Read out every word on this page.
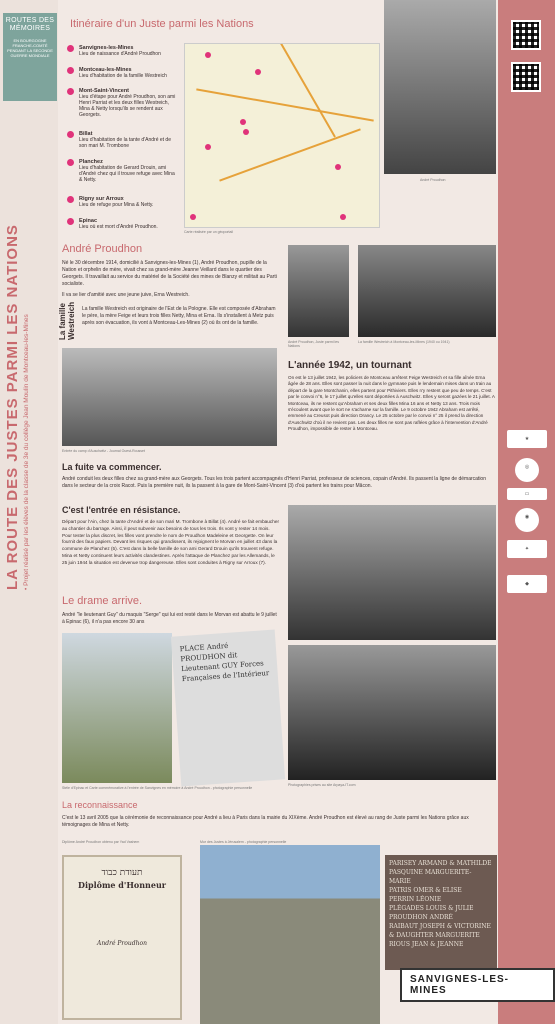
ROUTES DES MÉMOIRES
EN BOURGOGNE FRANCHE-COMTÉ PENDANT LA SECONDE GUERRE MONDIALE
LA ROUTE DES JUSTES PARMI LES NATIONS • Projet réalisé par les élèves de la classe de 3e du collège Jean Moulin de Montceau-les-Mines	★
◎
▭
◉
✦
◆
Itinéraire d'un Juste parmi les Nations
Sanvignes-les-Mines
Lieu de naissance d'André Proudhon
Montceau-les-Mines
Lieu d'habitation de la famille Westreich
Mont-Saint-Vincent
Lieu d'étape pour André Proudhon, son ami Henri Parriat et les deux filles Westreich, Mina & Netty lorsqu'ils se rendent aux Georgets.
Billat
Lieu d'habitation de la tante d'André et de son mari M. Trombone
Planchez
Lieu d'habitation de Gerard Drouin, ami d'André chez qui il trouve refuge avec Mina & Netty.
Rigny sur Arroux
Lieu de refuge pour Mina & Netty.
Epinac
Lieu où est mort d'André Proudhon.
Carte réalisée par un géoportail
André Proudhon
André Proudhon
Né le 30 décembre 1914, domicilié à Sanvignes-les-Mines (1), André Proudhon, pupille de la Nation et orphelin de mère, vivait chez sa grand-mère Jeanne Veillard dans le quartier des Georgets. Il travaillait au service du matériel de la Société des mines de Blanzy et militait au Parti socialiste.
Il va se lier d'amitié avec une jeune juive, Erna Westreich.
La famille Westreich La famille Westreich est originaire de l'Est de la Pologne. Elle est composée d'Abraham le père, la mère Feige et leurs trois filles Netty, Mina et Erna. Ils s'installent à Metz puis après son évacuation, ils vont à Montceau-Les-Mines (2) où ils ont de la famille.
André Proudhon, Juste parmi les Nations
La famille Westreich à Montceau-les-Mines (1940 ou 1941)
Entrée du camp d'Auschwitz - Journal Ouest-Rousset
L'année 1942, un tournant
On est le 13 juillet 1942, les policiers de Montceau arrêtent Feige Westreich et sa fille aînée Erna âgée de 28 ans. Elles sont passer la nuit dans le gymnase puis le lendemain mises dans un train au départ de la gare Montchanin, elles partent pour Pithiviers. Elles n'y restent que peu de temps. C'est par le convoi n°6, le 17 juillet qu'elles sont déportées à Auschwitz. Elles y seront gazées le 21 juillet. A Montceau, ils ne restent qu'Abraham et ses deux filles Mina 16 ans et Netty 13 ans. Trois mois s'écoulent avant que le sort ne s'acharne sur la famille. Le 9 octobre 1942 Abraham est arrêté, emmené au Creusot puis direction Drancy. Le 25 octobre par le convoi n° 25 il prend la direction d'Auschwitz d'où il ne revient pas. Les deux filles ne sont pas raflées grâce à l'intervention d'André Proudhon, impossible de rester à Montceau.
La fuite va commencer.
André conduit les deux filles chez sa grand-mère aux Georgets. Tous les trois partent accompagnés d'Henri Parriat, professeur de sciences, copain d'André. Ils passent la ligne de démarcation dans le secteur de la croix Racot. Puis la première nuit, ils la passent à la gare de Mont-Saint-Vincent (3) d'où partent les trains pour Mâcon.
C'est l'entrée en résistance.
Départ pour l'Ain, chez la tante d'André et de son mari M. Trombone à Billat (4). André se fait embaucher au chantier du barrage. Ainsi, il peut subvenir aux besoins de tous les trois. Ils vont y rester 14 mois. Pour tester la plus discret, les filles vont prendre le nom de Proudhon Madeleine et Georgette. On leur fournit des faux papiers. Devant les risques qui grandissent, ils rejoignent le Morvan en juillet 43 dans la commune de Planchez (5). C'est dans la belle famille de son ami Gerard Drouin qu'ils trouvent refuge. Mina et Netty continuent leurs activités clandestines. Après l'attaque de Planchez par les Allemands, le 25 juin 1944 la situation est devenue trop dangereuse. Elles sont conduites à Rigny sur Arroux (7).
Photographies prises au site Arpaya-IT.com
Le drame arrive.
André "le lieutenant Guy" du maquis "Serge" qui lui est resté dans le Morvan est abattu le 9 juillet à Epinac (6), il n'a pas encore 30 ans
PLACE André PROUDHON dit Lieutenant GUY Forces Françaises de l'Intérieur
Stèle d'Epinac et Carte commémorative à l'entrée de Sanvignes en mémoire à André Proudhon - photographie personnelle
La reconnaissance
C'est le 13 avril 2005 que la cérémonie de reconnaissance pour André a lieu à Paris dans la mairie du XIXème. André Proudhon est élevé au rang de Juste parmi les Nations grâce aux témoignages de Mina et Netty.
Diplôme André Proudhon obtenu par Yad Vashem	Mur des Justes à Jérusalem - photographie personnelle
תעודת כבוד
Diplôme d'Honneur
André Proudhon
PARISEY ARMAND & MATHILDE
PASQUINE MARGUERITE-MARIE
PATRIS OMER & ELISE
PERRIN LÉONIE
PLÉGADES LOUIS & JULIE
PROUDHON ANDRÉ
RAIBAUT JOSEPH & VICTORINE
& DAUGHTER MARGUERITE
RIOUS JEAN & JEANNE
SANVIGNES-LES-MINES
